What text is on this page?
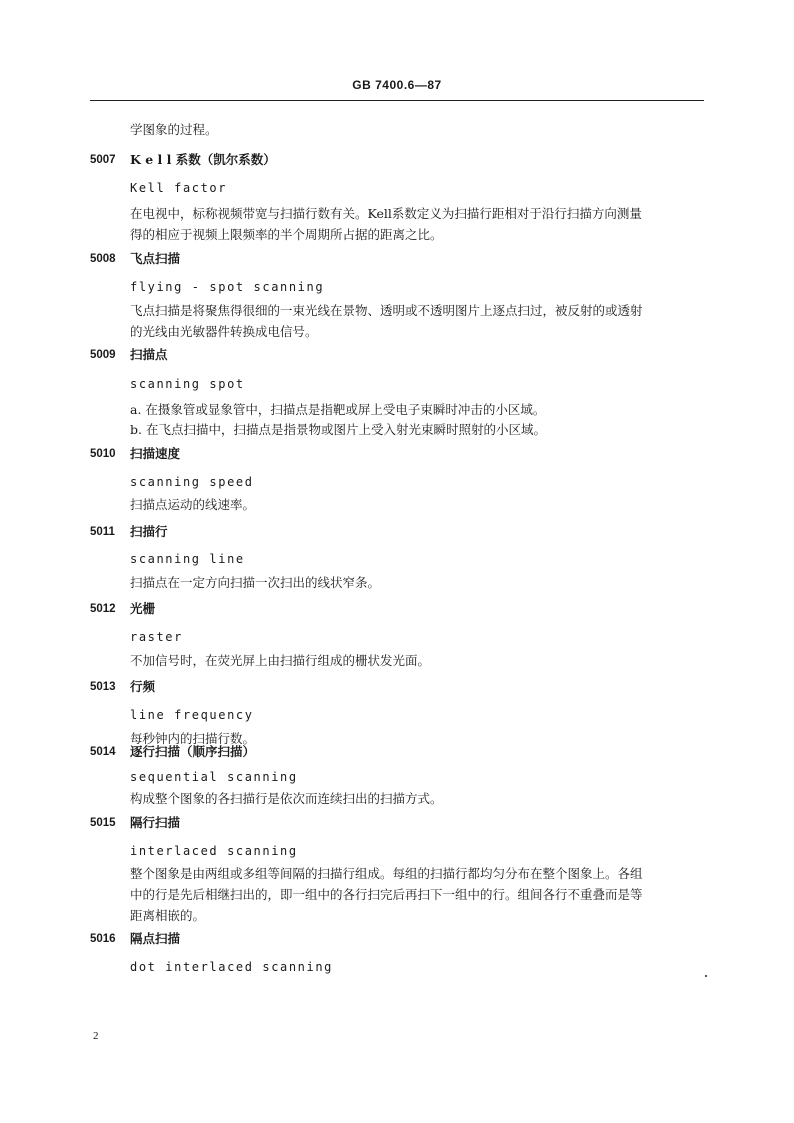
GB 7400.6—87
学图象的过程。
5007 K e l l 系数（凯尔系数）
Kell factor
在电视中，标称视频带宽与扫描行数有关。Kell系数定义为扫描行距相对于沿行扫描方向测量
得的相应于视频上限频率的半个周期所占据的距离之比。
5008 飞点扫描
flying - spot scanning
飞点扫描是将聚焦得很细的一束光线在景物、透明或不透明图片上逐点扫过，被反射的或透射
的光线由光敏器件转换成电信号。
5009 扫描点
scanning spot
a. 在摄象管或显象管中，扫描点是指靶或屏上受电子束瞬时冲击的小区域。
b. 在飞点扫描中，扫描点是指景物或图片上受入射光束瞬时照射的小区域。
5010 扫描速度
scanning speed
扫描点运动的线速率。
5011 扫描行
scanning line
扫描点在一定方向扫描一次扫出的线状窄条。
5012 光栅
raster
不加信号时，在荧光屏上由扫描行组成的栅状发光面。
5013 行频
line frequency
每秒钟内的扫描行数。
5014 逐行扫描（顺序扫描）
sequential scanning
构成整个图象的各扫描行是依次而连续扫出的扫描方式。
5015 隔行扫描
interlaced scanning
整个图象是由两组或多组等间隔的扫描行组成。每组的扫描行都均匀分布在整个图象上。各组
中的行是先后相继扫出的，即一组中的各行扫完后再扫下一组中的行。组间各行不重叠而是等
距离相嵌的。
5016 隔点扫描
dot interlaced scanning
2
